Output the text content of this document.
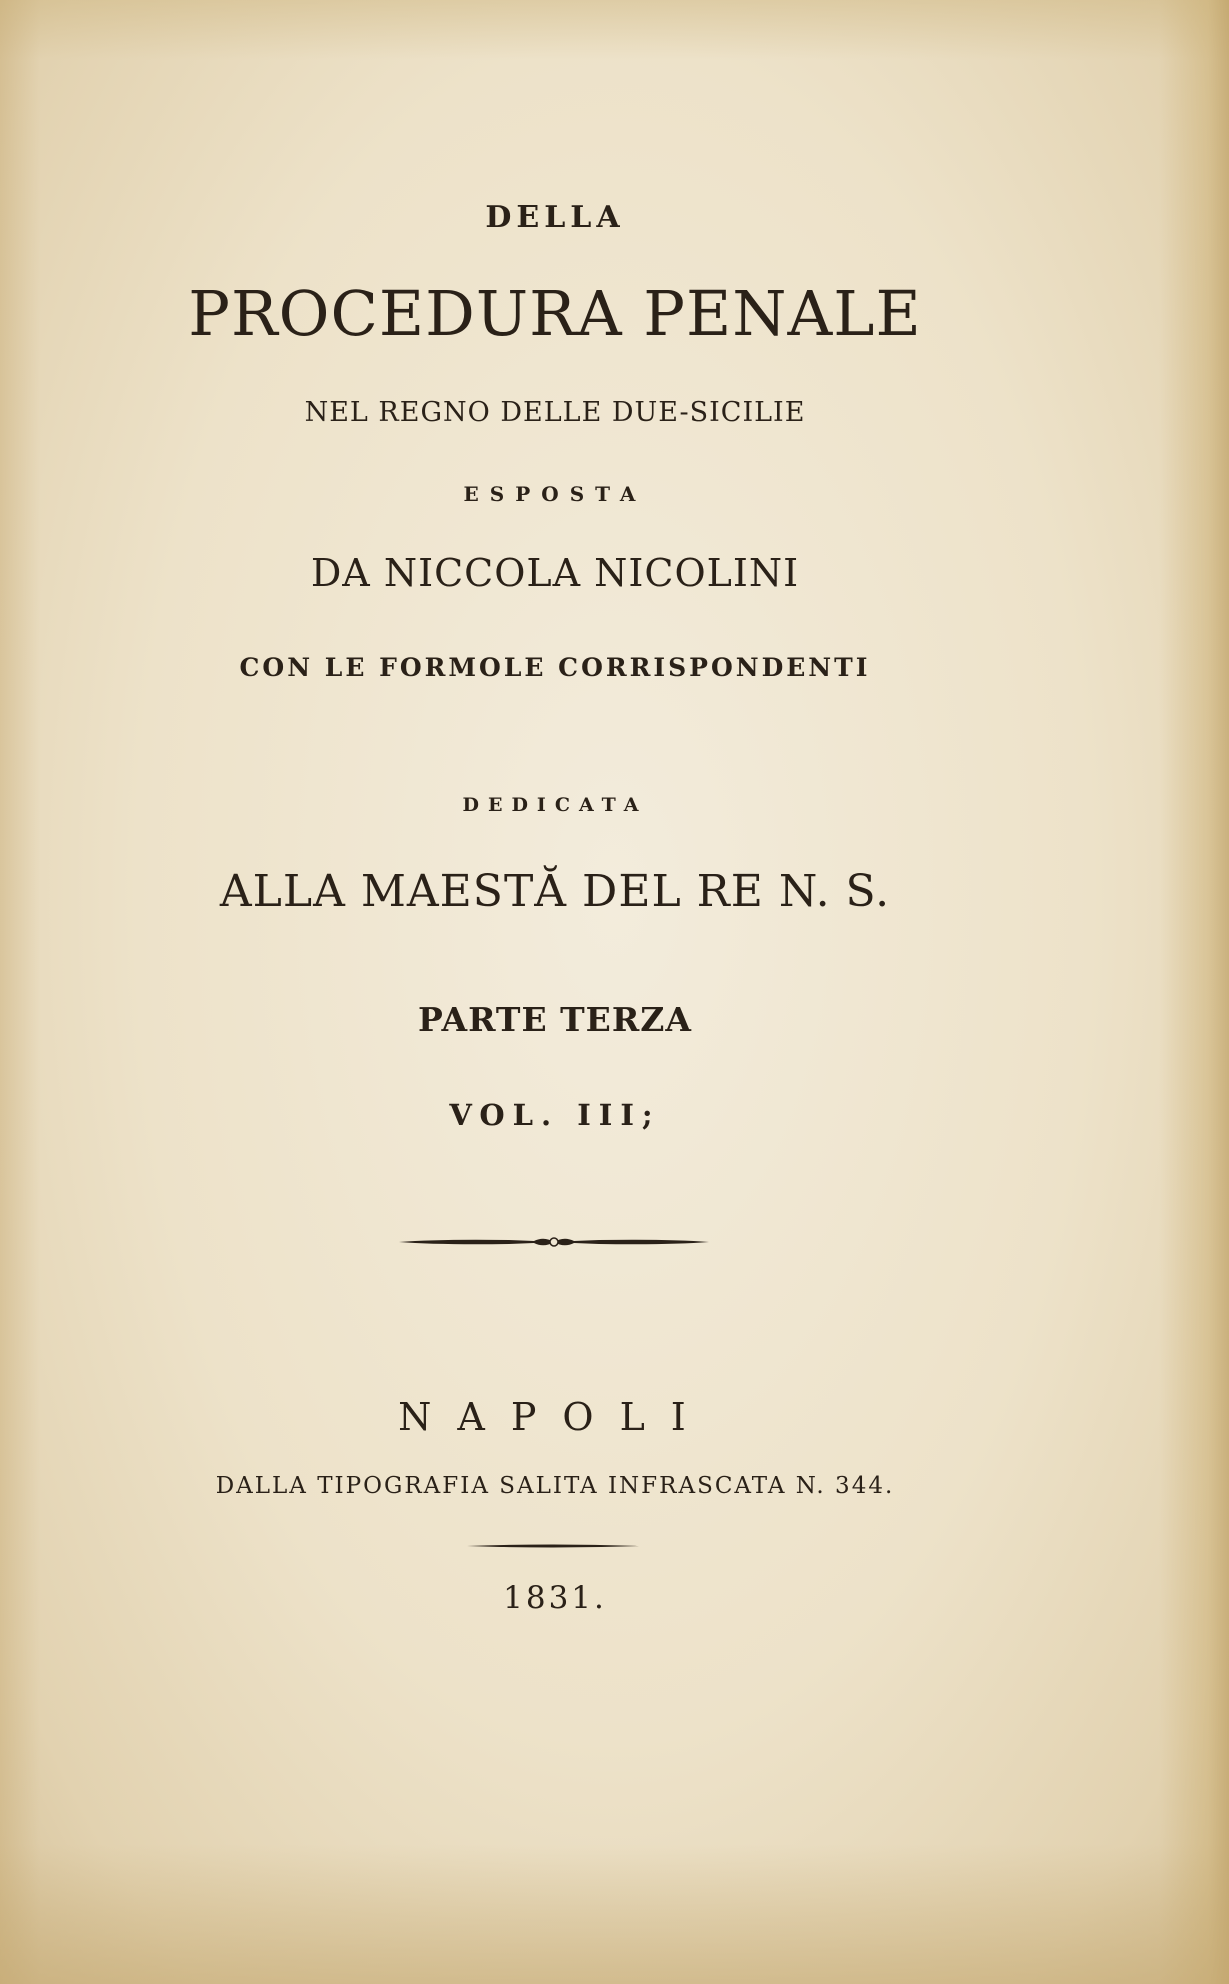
DELLA
PROCEDURA PENALE
NEL REGNO DELLE DUE-SICILIE
ESPOSTA
DA NICCOLA NICOLINI
CON LE FORMOLE CORRISPONDENTI
DEDICATA
ALLA MAESTĂ DEL RE N. S.
PARTE TERZA
VOL. III;
NAPOLI
DALLA TIPOGRAFIA SALITA INFRASCATA N. 344.
1831.
